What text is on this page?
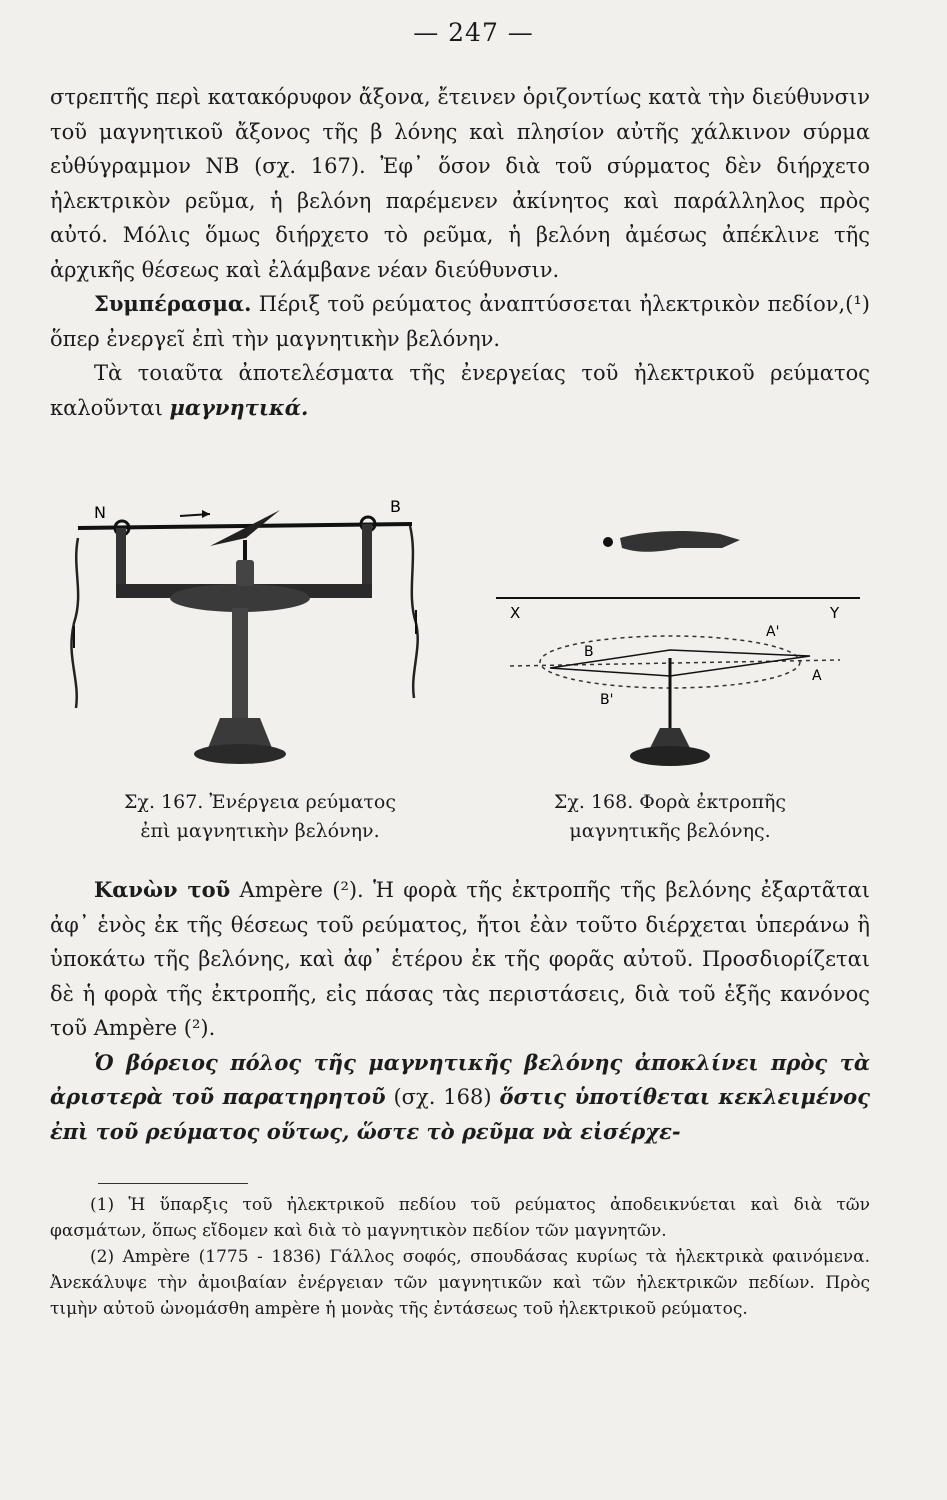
— 247 —

στρεπτῆς περὶ κατακόρυφον ἄξονα, ἔτεινεν ὁριζοντίως κατὰ τὴν διεύθυνσιν τοῦ μαγνητικοῦ ἄξονος τῆς β λόνης καὶ πλησίον αὐτῆς χάλκινον σύρμα εὐθύγραμμον ΝΒ (σχ. 167). Ἐφ᾽ ὅσον διὰ τοῦ σύρματος δὲν διήρχετο ἠλεκτρικὸν ρεῦμα, ἡ βελόνη παρέμενεν ἀκίνητος καὶ παράλληλος πρὸς αὐτό. Μόλις ὅμως διήρχετο τὸ ρεῦμα, ἡ βελόνη ἀμέσως ἀπέκλινε τῆς ἀρχικῆς θέσεως καὶ ἐλάμβανε νέαν διεύθυνσιν.

Συμπέρασμα. Πέριξ τοῦ ρεύματος ἀναπτύσσεται ἠλεκτρικὸν πεδίον,(¹) ὅπερ ἐνεργεῖ ἐπὶ τὴν μαγνητικὴν βελόνην.

Τὰ τοιαῦτα ἀποτελέσματα τῆς ἐνεργείας τοῦ ἠλεκτρικοῦ ρεύματος καλοῦνται μαγνητικά.

N	B
X	Y
A'
A
B
B'
Σχ. 167. Ἐνέργεια ρεύματος ἐπὶ μαγνητικὴν βελόνην.
Σχ. 168. Φορὰ ἐκτροπῆς μαγνητικῆς βελόνης.

Κανὼν τοῦ Ampère (²). Ἡ φορὰ τῆς ἐκτροπῆς τῆς βελόνης ἐξαρτᾶται ἀφ᾽ ἑνὸς ἐκ τῆς θέσεως τοῦ ρεύματος, ἤτοι ἐὰν τοῦτο διέρχεται ὑπεράνω ἢ ὑποκάτω τῆς βελόνης, καὶ ἀφ᾽ ἑτέρου ἐκ τῆς φορᾶς αὐτοῦ. Προσδιορίζεται δὲ ἡ φορὰ τῆς ἐκτροπῆς, εἰς πάσας τὰς περιστάσεις, διὰ τοῦ ἑξῆς κανόνος τοῦ Ampère (²).

Ὁ βόρειος πόλος τῆς μαγνητικῆς βελόνης ἀποκλίνει πρὸς τὰ ἀριστερὰ τοῦ παρατηρητοῦ (σχ. 168) ὅστις ὑποτίθεται κεκλειμένος ἐπὶ τοῦ ρεύματος οὕτως, ὥστε τὸ ρεῦμα νὰ εἰσέρχε-

(1) Ἡ ὕπαρξις τοῦ ἠλεκτρικοῦ πεδίου τοῦ ρεύματος ἀποδεικνύεται καὶ διὰ τῶν φασμάτων, ὅπως εἴδομεν καὶ διὰ τὸ μαγνητικὸν πεδίον τῶν μαγνητῶν.

(2) Ampère (1775 - 1836) Γάλλος σοφός, σπουδάσας κυρίως τὰ ἠλεκτρικὰ φαινόμενα. Ἀνεκάλυψε τὴν ἀμοιβαίαν ἐνέργειαν τῶν μαγνητικῶν καὶ τῶν ἠλεκτρικῶν πεδίων. Πρὸς τιμὴν αὐτοῦ ὠνομάσθη ampère ἡ μονὰς τῆς ἐντάσεως τοῦ ἠλεκτρικοῦ ρεύματος.
